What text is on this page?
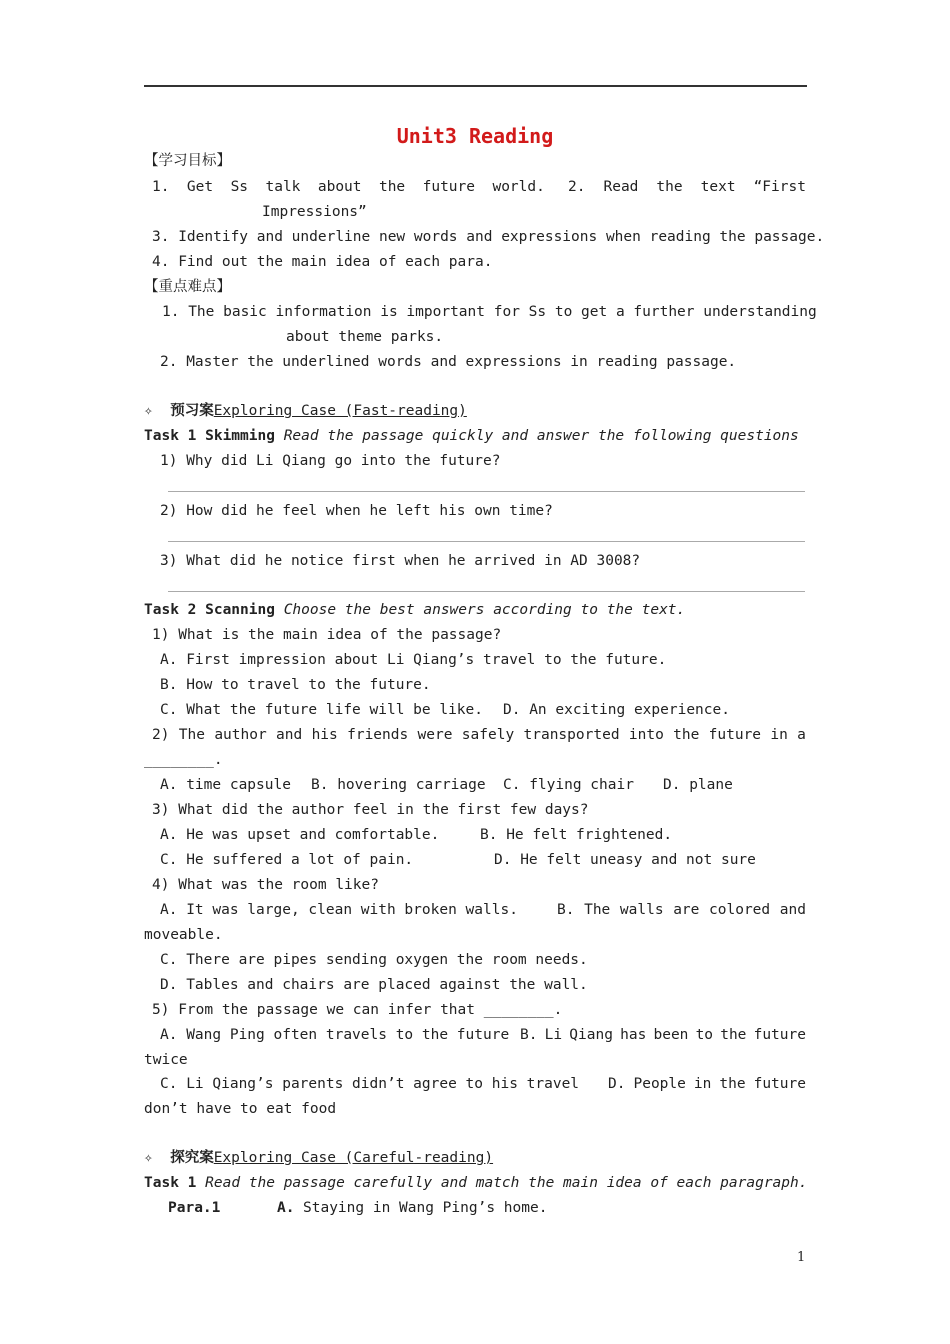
Unit3 Reading
【学习目标】
1.  Get  Ss  talk  about  the  future  world. 2. Read the text “First
Impressions”
3. Identify and underline new words and expressions when reading the passage.
4. Find out the main idea of each para.
【重点难点】
1. The basic information is important for Ss to get a further understanding
about theme parks.
2. Master the underlined words and expressions in reading passage.
✧ 预习案Exploring Case (Fast-reading)
Task 1 Skimming Read the passage quickly and answer the following questions
1) Why did Li Qiang go into the future?
2) How did he feel when he left his own time?
3) What did he notice first when he arrived in AD 3008?
Task 2 Scanning Choose the best answers according to the text.
1) What is the main idea of the passage?
A. First impression about Li Qiang’s travel to the future.
B. How to travel to the future.
C. What the future life will be like. D. An exciting experience.
2) The author and his friends were safely transported into the future in a
________.
A. time capsule B. hovering carriage C. flying chair D. plane
3) What did the author feel in the first few days?
A. He was upset and comfortable.	B. He felt frightened.
C. He suffered a lot of pain.	D. He felt uneasy and not sure
4) What was the room like?
A. It was large, clean with broken walls.	B. The walls are colored and
moveable.
C. There are pipes sending oxygen the room needs.
D. Tables and chairs are placed against the wall.
5) From the passage we can infer that ________.
A. Wang Ping often travels to the future B. Li Qiang has been to the future
twice
C. Li Qiang’s parents didn’t agree to his travel D. People in the future
don’t have to eat food
✧ 探究案Exploring Case (Careful-reading)
Task 1 Read the passage carefully and match the main idea of each paragraph.
Para.1	A. Staying in Wang Ping’s home.
1
